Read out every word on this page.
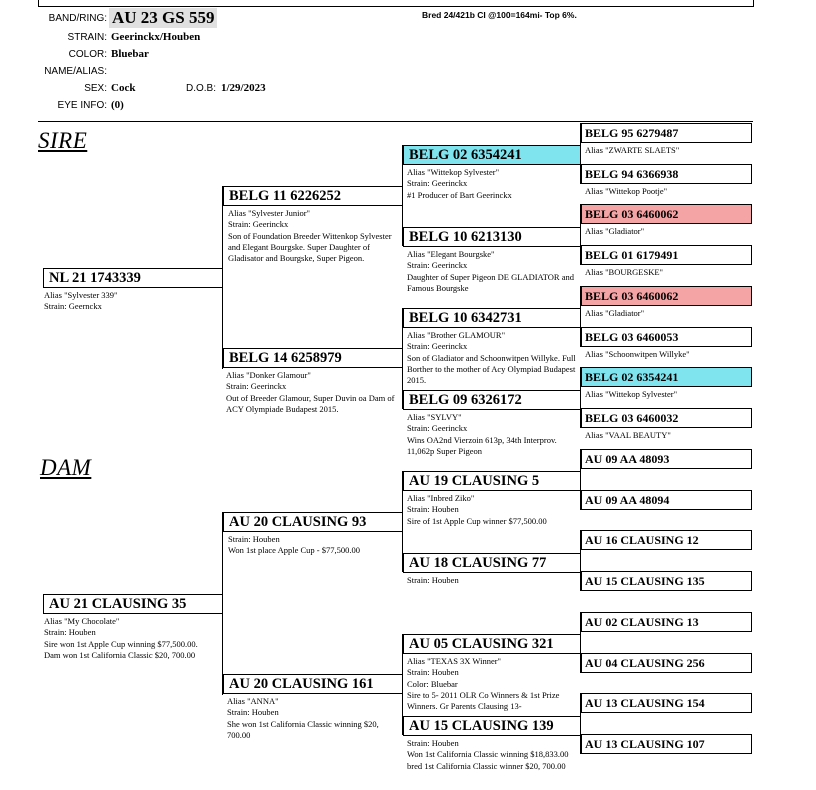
BAND/RING: AU 23 GS 559	Bred 24/421b CI @100=164mi- Top 6%.
STRAIN: Geerinckx/Houben
COLOR: Bluebar
NAME/ALIAS:
SEX: Cock	D.O.B: 1/29/2023
EYE INFO: (0)
SIRE
DAM
NL 21 1743339
Alias "Sylvester 339"
Strain: Geernckx
AU 21 CLAUSING 35
Alias "My Chocolate"
Strain: Houben
Sire won 1st Apple Cup winning $77,500.00.
Dam won 1st California Classic $20, 700.00
BELG 11 6226252
Alias "Sylvester Junior"
Strain: Geerinckx
Son of Foundation Breeder Wittenkop Sylvester and Elegant Bourgske. Super Daughter of Gladisator and Bourgske, Super Pigeon.
BELG 14 6258979
Alias "Donker Glamour"
Strain: Geerinckx
Out of Breeder Glamour, Super Duvin oa Dam of ACY Olympiade Budapest 2015.
AU 20 CLAUSING 93
Strain: Houben
Won 1st place Apple Cup - $77,500.00
AU 20 CLAUSING 161
Alias "ANNA"
Strain: Houben
She won 1st California Classic winning $20, 700.00
BELG 02 6354241
Alias "Wittekop Sylvester"
Strain: Geerinckx
#1 Producer of Bart Geerinckx
BELG 10 6213130
Alias "Elegant Bourgske"
Strain: Geerinckx
Daughter of Super Pigeon DE GLADIATOR and Famous Bourgske
BELG 10 6342731
Alias "Brother GLAMOUR"
Strain: Geerinckx
Son of Gladiator and Schoonwitpen Willyke. Full Borther to the mother of Acy Olympiad Budapest 2015.
BELG 09 6326172
Alias "SYLVY"
Strain: Geerinckx
Wins OA2nd Vierzoin 613p, 34th Interprov. 11,062p Super Pigeon
AU 19 CLAUSING 5
Alias "Inbred Ziko"
Strain: Houben
Sire of 1st Apple Cup winner $77,500.00
AU 18 CLAUSING 77
Strain: Houben
AU 05 CLAUSING 321
Alias "TEXAS 3X Winner"
Strain: Houben
Color: Bluebar
Sire to 5- 2011 OLR Co Winners & 1st Prize Winners. Gr Parents Clausing 13-
AU 15 CLAUSING 139
Strain: Houben
Won 1st California Classic winning $18,833.00 bred 1st California Classic winner $20, 700.00
BELG 95 6279487
Alias "ZWARTE SLAETS"
BELG 94 6366938
Alias "Wittekop Pootje"
BELG 03 6460062
Alias "Gladiator"
BELG 01 6179491
Alias "BOURGESKE"
BELG 03 6460062
Alias "Gladiator"
BELG 03 6460053
Alias "Schoonwitpen Willyke"
BELG 02 6354241
Alias "Wittekop Sylvester"
BELG 03 6460032
Alias "VAAL BEAUTY"
AU 09 AA 48093
AU 09 AA 48094
AU 16 CLAUSING 12
AU 15 CLAUSING 135
AU 02 CLAUSING 13
AU 04 CLAUSING 256
AU 13 CLAUSING 154
AU 13 CLAUSING 107
